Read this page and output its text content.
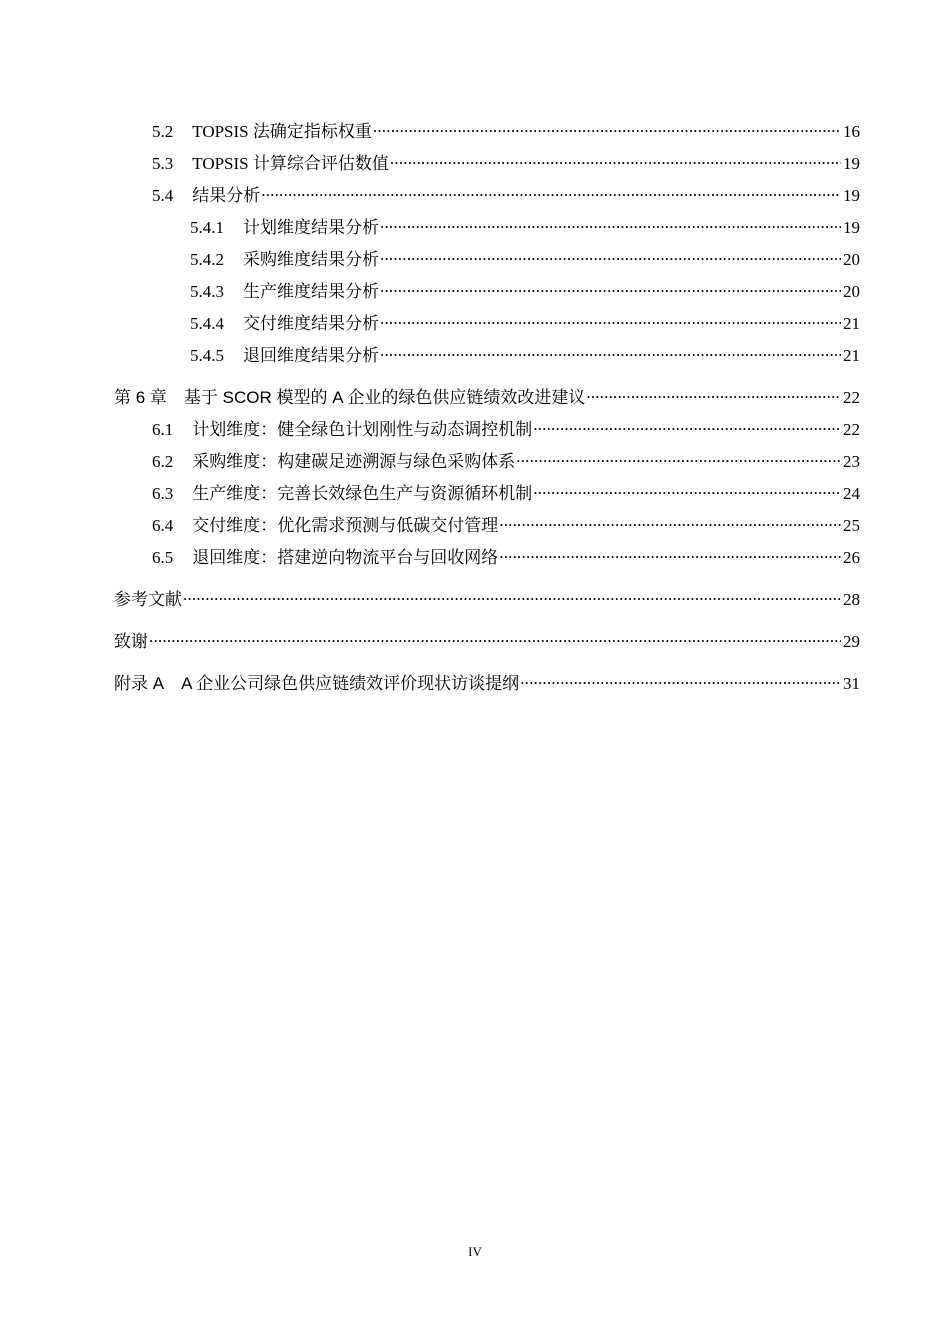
5.2 TOPSIS 法确定指标权重 .....	16
5.3 TOPSIS 计算综合评估数值 .....	19
5.4 结果分析 .....	19
5.4.1 计划维度结果分析 .....	19
5.4.2 采购维度结果分析 .....	20
5.4.3 生产维度结果分析 .....	20
5.4.4 交付维度结果分析 .....	21
5.4.5 退回维度结果分析 .....	21
第 6 章 基于 SCOR 模型的 A 企业的绿色供应链绩效改进建议 .....	22
6.1 计划维度：健全绿色计划刚性与动态调控机制 .....	22
6.2 采购维度：构建碳足迹溯源与绿色采购体系 .....	23
6.3 生产维度：完善长效绿色生产与资源循环机制 .....	24
6.4 交付维度：优化需求预测与低碳交付管理 .....	25
6.5 退回维度：搭建逆向物流平台与回收网络 .....	26
参考文献 .....	28
致谢 .....	29
附录 A A 企业公司绿色供应链绩效评价现状访谈提纲 .....	31
IV
